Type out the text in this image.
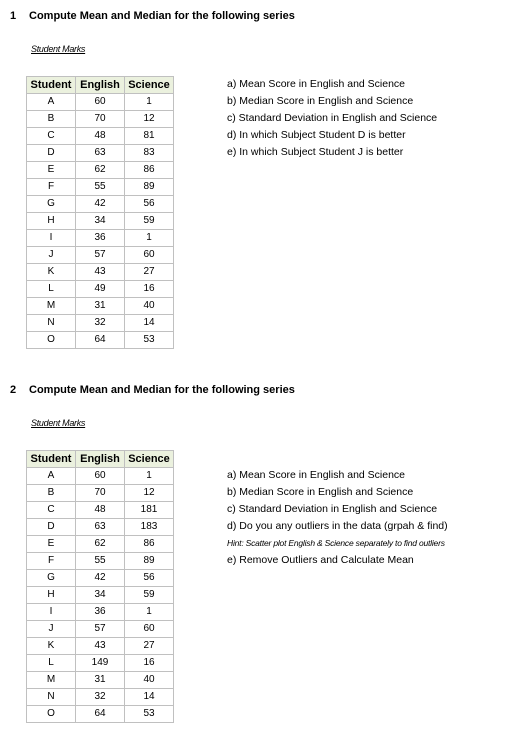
1 Compute Mean and Median for the following series
Student Marks
Student	English	Science
A	60	1
B	70	12
C	48	81
D	63	83
E	62	86
F	55	89
G	42	56
H	34	59
I	36	1
J	57	60
K	43	27
L	49	16
M	31	40
N	32	14
O	64	53
a) Mean Score in English and Science
b) Median Score in English and Science
c) Standard Deviation in English and Science
d) In which Subject Student D is better
e) In which Subject Student J is better
2 Compute Mean and Median for the following series
Student Marks
Student	English	Science
A	60	1
B	70	12
C	48	181
D	63	183
E	62	86
F	55	89
G	42	56
H	34	59
I	36	1
J	57	60
K	43	27
L	149	16
M	31	40
N	32	14
O	64	53
a) Mean Score in English and Science
b) Median Score in English and Science
c) Standard Deviation in English and Science
d) Do you any outliers in the data (grpah & find)
Hint: Scatter plot English & Science separately to find outliers
e) Remove Outliers and Calculate Mean
